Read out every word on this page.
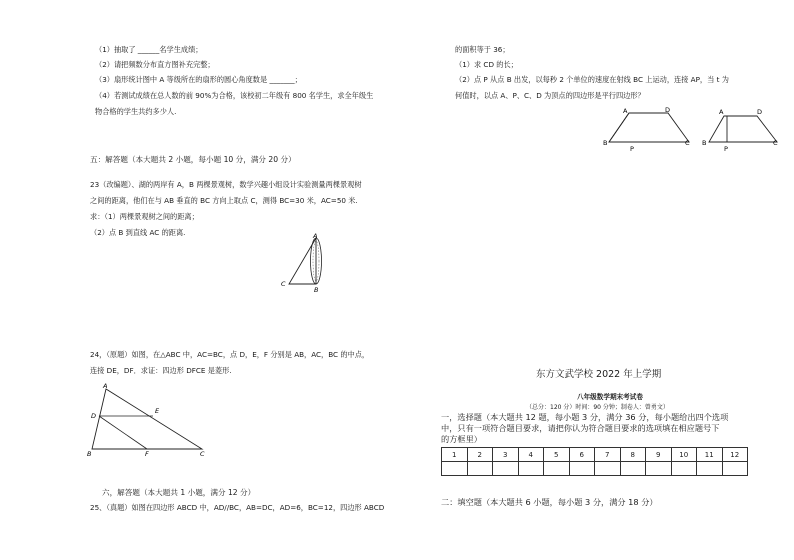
（1）抽取了 ______名学生成绩；
（2）请把频数分布直方图补充完整；
（3）扇形统计图中 A 等级所在的扇形的圆心角度数是 _______；
（4）若测试成绩在总人数的前 90%为合格，该校初二年级有 800 名学生，求全年级生
物合格的学生共约多少人.
五：解答题（本大题共 2 小题，每小题 10 分，满分 20 分）
23（改编题）、湖的两岸有 A，B 两棵景观树，数学兴趣小组设计实验测量两棵景观树
之间的距离，他们在与 AB 垂直的 BC 方向上取点 C，测得 BC=30 米，AC=50 米.
求：（1）两棵景观树之间的距离；
（2）点 B 到直线 AC 的距离.	A
C
B
A
D
E
B	F	C
A	D
B
P
C
A	D
B
P
C
24，（原题）如图，在△ABC 中，AC=BC，点 D，E，F 分别是 AB，AC，BC 的中点，
连接 DE，DF．求证：四边形 DFCE 是菱形.
六，解答题（本大题共 1 小题，满分 12 分）
25、（真题）如图在四边形 ABCD 中，AD//BC，AB=DC，AD=6，BC=12，四边形 ABCD
的面积等于 36；
（1）求 CD 的长；
（2）点 P 从点 B 出发，以每秒 2 个单位的速度在射线 BC 上运动，连接 AP，当 t 为
何值时，以点 A、P、C、D 为顶点的四边形是平行四边形？
东方文武学校 2022 年上学期
八年级数学期末考试卷
（总分：120 分）时间：90 分钟；制卷人：曾勇文）
一，选择题（本大题共 12 题，每小题 3 分，满分 36 分，每小题给出四个选项
中，只有一项符合题目要求，请把你认为符合题目要求的选项填在相应题号下
的方框里）
1	2	3	4	5	6	7	8	9	10	11	12

二：填空题（本大题共 6 小题，每小题 3 分，满分 18 分）
